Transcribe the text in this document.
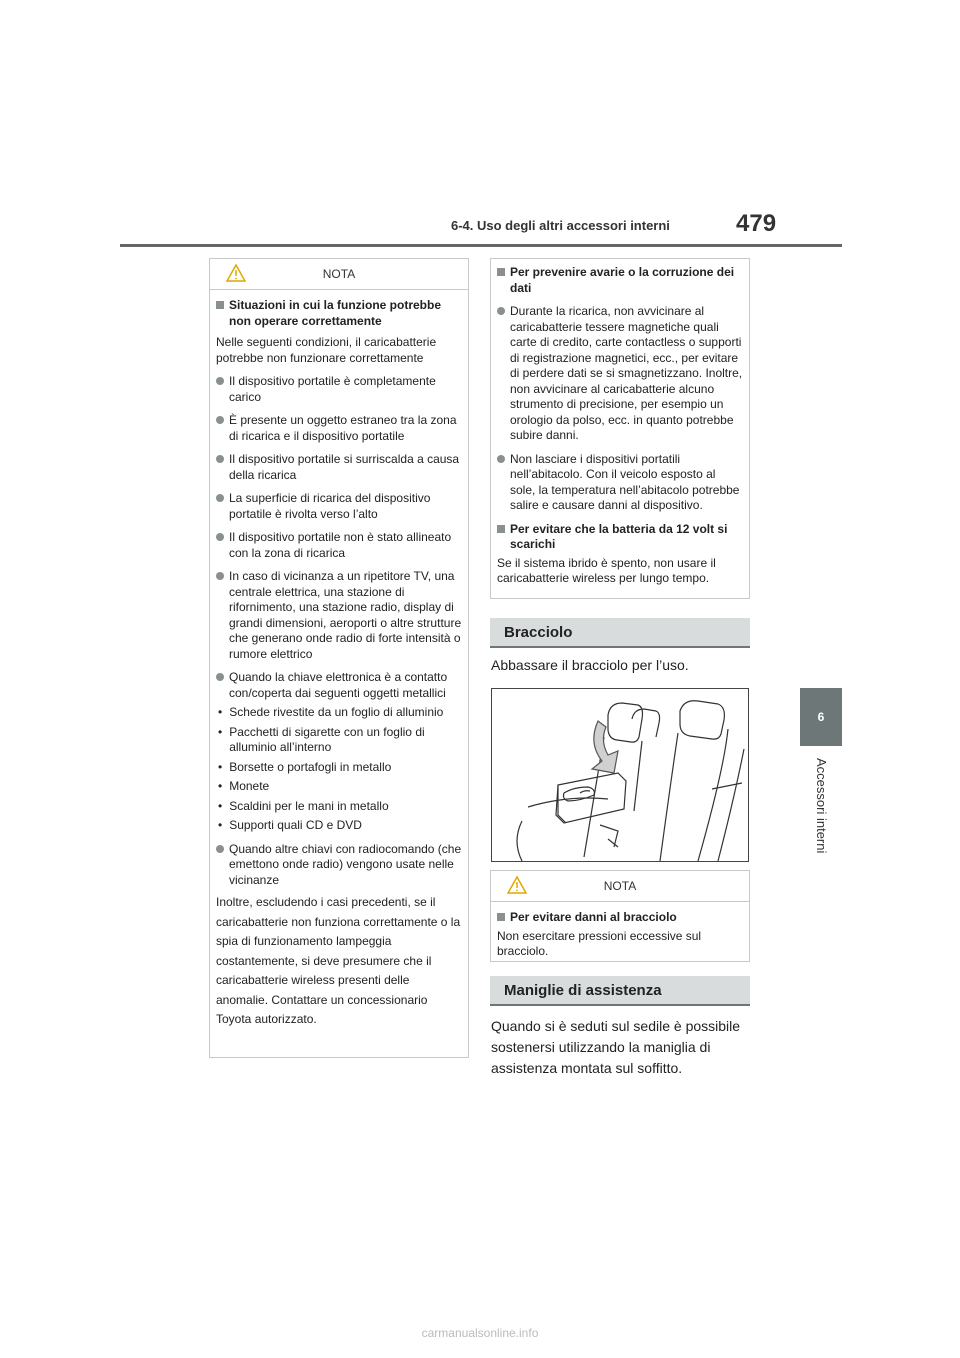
6-4. Uso degli altri accessori interni	479
6
Accessori interni
NOTA
Situazioni in cui la funzione potrebbe non operare correttamente
Nelle seguenti condizioni, il caricabatterie potrebbe non funzionare correttamente
Il dispositivo portatile è completamente carico
È presente un oggetto estraneo tra la zona di ricarica e il dispositivo portatile
Il dispositivo portatile si surriscalda a causa della ricarica
La superficie di ricarica del dispositivo portatile è rivolta verso l’alto
Il dispositivo portatile non è stato allineato con la zona di ricarica
In caso di vicinanza a un ripetitore TV, una centrale elettrica, una stazione di rifornimento, una stazione radio, display di grandi dimensioni, aeroporti o altre strutture che generano onde radio di forte intensità o rumore elettrico
Quando la chiave elettronica è a contatto con/coperta dai seguenti oggetti metallici
• Schede rivestite da un foglio di alluminio
• Pacchetti di sigarette con un foglio di alluminio all’interno
• Borsette o portafogli in metallo
• Monete
• Scaldini per le mani in metallo
• Supporti quali CD e DVD
Quando altre chiavi con radiocomando (che emettono onde radio) vengono usate nelle vicinanze
Inoltre, escludendo i casi precedenti, se il caricabatterie non funziona correttamente o la spia di funzionamento lampeggia costantemente, si deve presumere che il caricabatterie wireless presenti delle anomalie. Contattare un concessionario Toyota autorizzato.
Per prevenire avarie o la corruzione dei dati
Durante la ricarica, non avvicinare al caricabatterie tessere magnetiche quali carte di credito, carte contactless o supporti di registrazione magnetici, ecc., per evitare di perdere dati se si smagnetizzano. Inoltre, non avvicinare al caricabatterie alcuno strumento di precisione, per esempio un orologio da polso, ecc. in quanto potrebbe subire danni.
Non lasciare i dispositivi portatili nell’abitacolo. Con il veicolo esposto al sole, la temperatura nell’abitacolo potrebbe salire e causare danni al dispositivo.
Per evitare che la batteria da 12 volt si scarichi
Se il sistema ibrido è spento, non usare il caricabatterie wireless per lungo tempo.
Bracciolo
Abbassare il bracciolo per l’uso.
NOTA
Per evitare danni al bracciolo
Non esercitare pressioni eccessive sul bracciolo.
Maniglie di assistenza
Quando si è seduti sul sedile è possibile sostenersi utilizzando la maniglia di assistenza montata sul soffitto.
carmanualsonline.info
